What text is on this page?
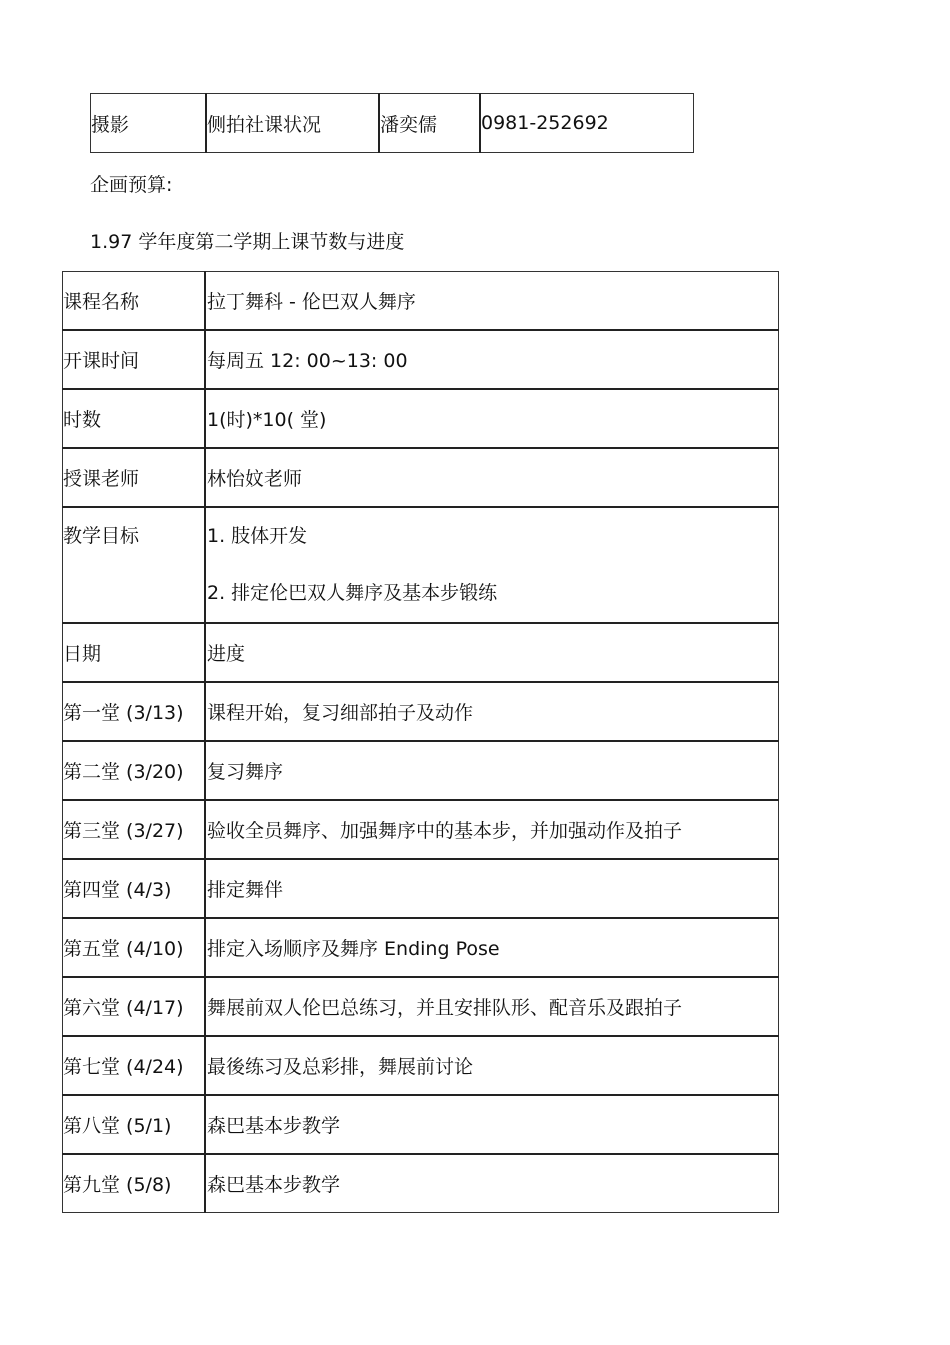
摄影	侧拍社课状况	潘奕儒	0981-252692
企画预算:
1.97 学年度第二学期上课节数与进度
课程名称	拉丁舞科 - 伦巴双人舞序
开课时间	每周五 12: 00~13: 00
时数	1(时)*10( 堂)
授课老师	林怡妏老师
教学目标	1. 肢体开发
2. 排定伦巴双人舞序及基本步锻练

日期	进度
第一堂 (3/13)	课程开始，复习细部拍子及动作
第二堂 (3/20)	复习舞序
第三堂 (3/27)	验收全员舞序、加强舞序中的基本步，并加强动作及拍子
第四堂 (4/3)	排定舞伴
第五堂 (4/10)	排定入场顺序及舞序 Ending Pose
第六堂 (4/17)	舞展前双人伦巴总练习，并且安排队形、配音乐及跟拍子
第七堂 (4/24)	最後练习及总彩排，舞展前讨论
第八堂 (5/1)	森巴基本步教学
第九堂 (5/8)	森巴基本步教学
